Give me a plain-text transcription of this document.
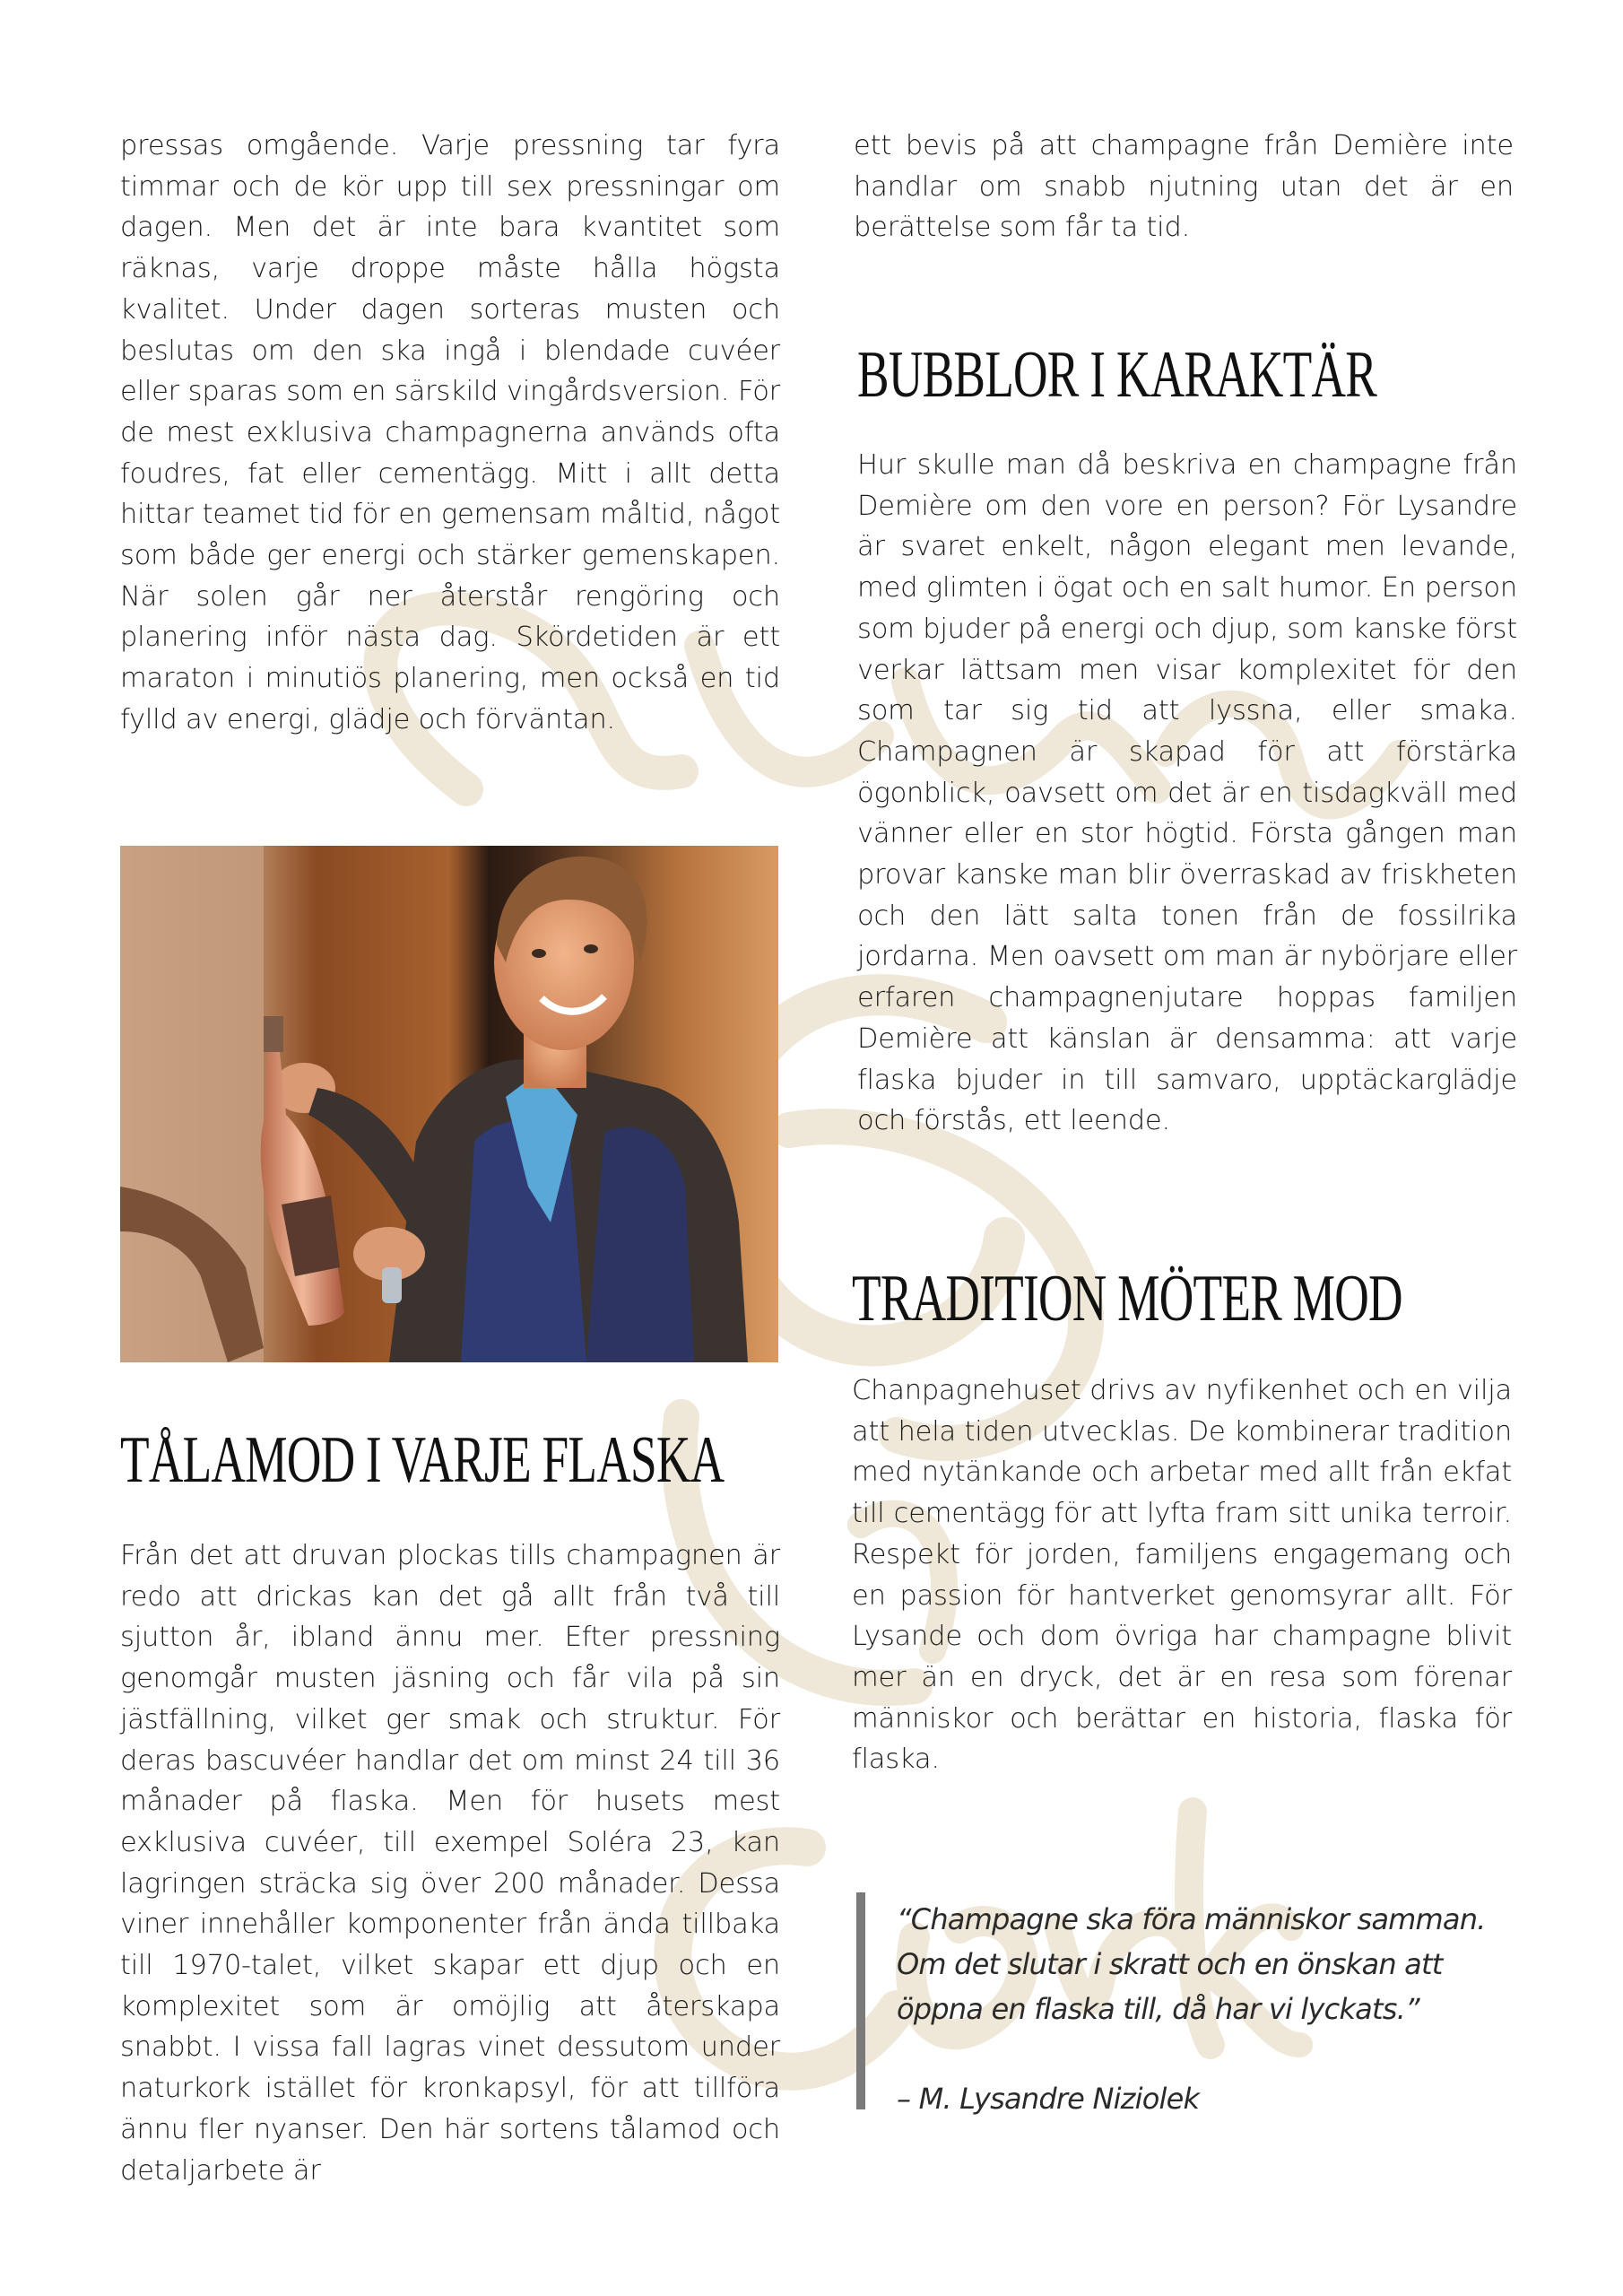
pressas omgående. Varje pressning tar fyra timmar och de kör upp till sex pressningar om dagen. Men det är inte bara kvantitet som räknas, varje droppe måste hålla högsta kvalitet. Under dagen sorteras musten och beslutas om den ska ingå i blendade cuvéer eller sparas som en särskild vingårdsversion. För de mest exklusiva champagnerna används ofta foudres, fat eller cementägg. Mitt i allt detta hittar teamet tid för en gemensam måltid, något som både ger energi och stärker gemenskapen. När solen går ner återstår rengöring och planering inför nästa dag. Skördetiden är ett maraton i minutiös planering, men också en tid fylld av energi, glädje och förväntan.

TÅLAMOD I VARJE FLASKA

Från det att druvan plockas tills champagnen är redo att drickas kan det gå allt från två till sjutton år, ibland ännu mer. Efter pressning genomgår musten jäsning och får vila på sin jästfällning, vilket ger smak och struktur. För deras bascuvéer handlar det om minst 24 till 36 månader på flaska. Men för husets mest exklusiva cuvéer, till exempel Soléra 23, kan lagringen sträcka sig över 200 månader. Dessa viner innehåller komponenter från ända tillbaka till 1970-talet, vilket skapar ett djup och en komplexitet som är omöjlig att återskapa snabbt. I vissa fall lagras vinet dessutom under naturkork istället för kronkapsyl, för att tillföra ännu fler nyanser. Den här sortens tålamod och detaljarbete är

ett bevis på att champagne från Demière inte handlar om snabb njutning utan det är en berättelse som får ta tid.

BUBBLOR I KARAKTÄR

Hur skulle man då beskriva en champagne från Demière om den vore en person? För Lysandre är svaret enkelt, någon elegant men levande, med glimten i ögat och en salt humor. En person som bjuder på energi och djup, som kanske först verkar lättsam men visar komplexitet för den som tar sig tid att lyssna, eller smaka. Champagnen är skapad för att förstärka ögonblick, oavsett om det är en tisdagkväll med vänner eller en stor högtid. Första gången man provar kanske man blir överraskad av friskheten och den lätt salta tonen från de fossilrika jordarna. Men oavsett om man är nybörjare eller erfaren champagnenjutare hoppas familjen Demière att känslan är densamma: att varje flaska bjuder in till samvaro, upptäckarglädje och förstås, ett leende.

TRADITION MÖTER MOD

Chanpagnehuset drivs av nyfikenhet och en vilja att hela tiden utvecklas. De kombinerar tradition med nytänkande och arbetar med allt från ekfat till cementägg för att lyfta fram sitt unika terroir. Respekt för jorden, familjens engagemang och en passion för hantverket genomsyrar allt. För Lysande och dom övriga har champagne blivit mer än en dryck, det är en resa som förenar människor och berättar en historia, flaska för flaska.

“Champagne ska föra människor samman.

Om det slutar i skratt och en önskan att

öppna en flaska till, då har vi lyckats.”

– M. Lysandre Niziolek
